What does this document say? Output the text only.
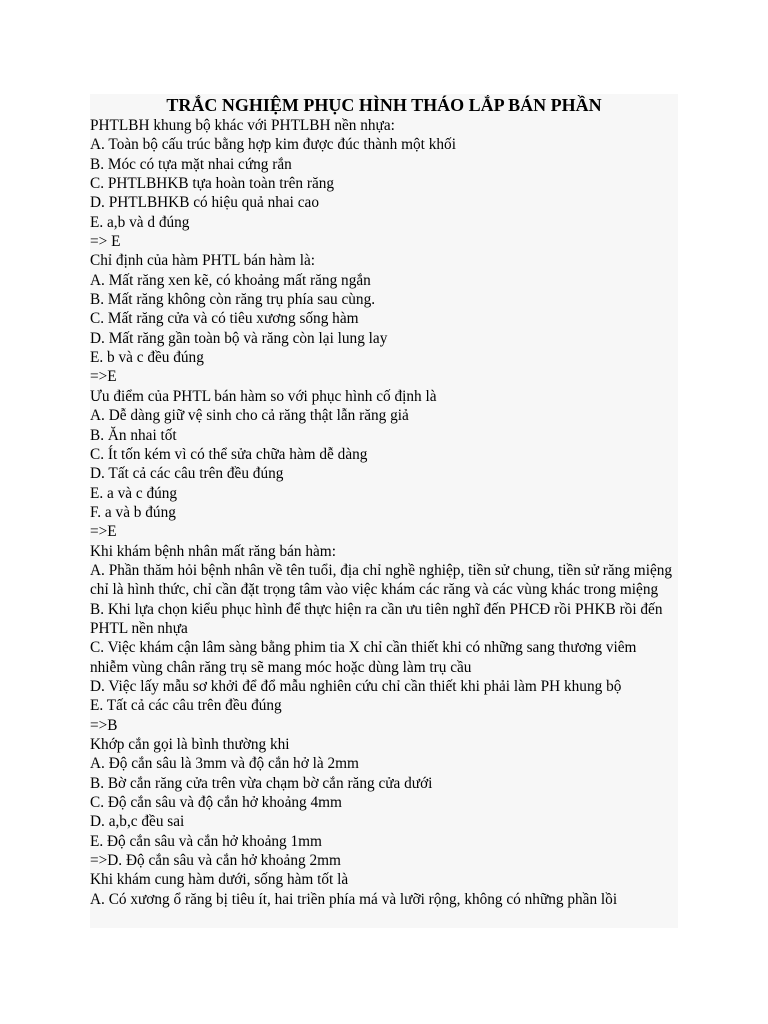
TRẮC NGHIỆM PHỤC HÌNH THÁO LẮP BÁN PHẦN

PHTLBH khung bộ khác với PHTLBH nền nhựa:

A. Toàn bộ cấu trúc bằng hợp kim được đúc thành một khối

B. Móc có tựa mặt nhai cứng rắn

C. PHTLBHKB tựa hoàn toàn trên răng

D. PHTLBHKB có hiệu quả nhai cao

E. a,b và d đúng

=> E

Chỉ định của hàm PHTL bán hàm là:

A. Mất răng xen kẽ, có khoảng mất răng ngắn

B. Mất răng không còn răng trụ phía sau cùng.

C. Mất răng cửa và có tiêu xương sống hàm

D. Mất răng gần toàn bộ và răng còn lại lung lay

E. b và c đều đúng

=>E

Ưu điểm của PHTL bán hàm so với phục hình cố định là

A. Dễ dàng giữ vệ sinh cho cả răng thật lẫn răng giả

B. Ăn nhai tốt

C. Ít tốn kém vì có thể sửa chữa hàm dễ dàng

D. Tất cả các câu trên đều đúng

E. a và c đúng

F. a và b đúng

=>E

Khi khám bệnh nhân mất răng bán hàm:

A. Phần thăm hỏi bệnh nhân về tên tuổi, địa chỉ nghề nghiệp, tiền sử chung, tiền sử răng miệng chỉ là hình thức, chỉ cần đặt trọng tâm vào việc khám các răng và các vùng khác trong miệng

B. Khi lựa chọn kiểu phục hình để thực hiện ra cần ưu tiên nghĩ đến PHCĐ rồi PHKB rồi đến PHTL nền nhựa

C. Việc khám cận lâm sàng bằng phim tia X chỉ cần thiết khi có những sang thương viêm nhiễm vùng chân răng trụ sẽ mang móc hoặc dùng làm trụ cầu

D. Việc lấy mẫu sơ khởi để đổ mẫu nghiên cứu chỉ cần thiết khi phải làm PH khung bộ

E. Tất cả các câu trên đều đúng

=>B

Khớp cắn gọi là bình thường khi

A. Độ cắn sâu là 3mm và độ cắn hở là 2mm

B. Bờ cắn răng cửa trên vừa chạm bờ cắn răng cửa dưới

C. Độ cắn sâu và độ cắn hở khoảng 4mm

D. a,b,c đều sai

E. Độ cắn sâu và cắn hở khoảng 1mm

=>D. Độ cắn sâu và cắn hở khoảng 2mm

Khi khám cung hàm dưới, sống hàm tốt là

A. Có xương ổ răng bị tiêu ít, hai triền phía má và lưỡi rộng, không có những phần lồi
